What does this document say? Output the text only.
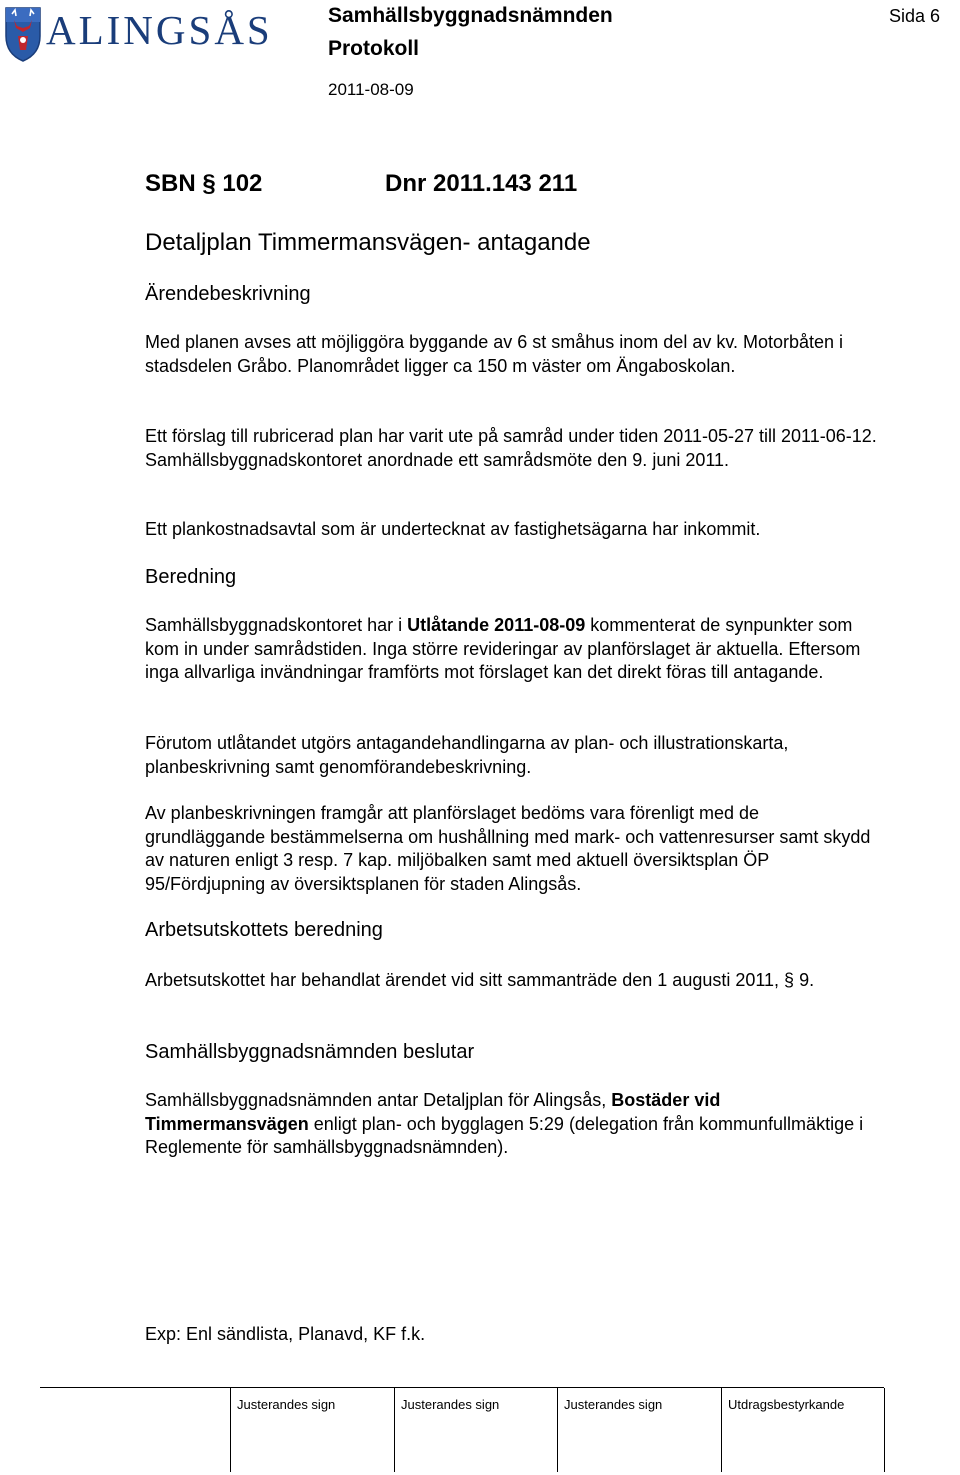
ALINGSÅS	Samhällsbyggnadsnämnden
Protokoll
2011-08-09
Sida 6
SBN § 102	Dnr 2011.143 211
Detaljplan Timmermansvägen- antagande
Ärendebeskrivning
Med planen avses att möjliggöra byggande av 6 st småhus inom del av kv. Motorbåten i stadsdelen Gråbo. Planområdet ligger ca 150 m väster om Ängaboskolan.
Ett förslag till rubricerad plan har varit ute på samråd under tiden 2011-05-27 till 2011-06-12. Samhällsbyggnadskontoret anordnade ett samrådsmöte den 9. juni 2011.
Ett plankostnadsavtal som är undertecknat av fastighetsägarna har inkommit.
Beredning
Samhällsbyggnadskontoret har i Utlåtande 2011-08-09 kommenterat de synpunkter som kom in under samrådstiden. Inga större revideringar av planförslaget är aktuella. Eftersom inga allvarliga invändningar framförts mot förslaget kan det direkt föras till antagande.
Förutom utlåtandet utgörs antagandehandlingarna av plan- och illustrationskarta, planbeskrivning samt genomförandebeskrivning.
Av planbeskrivningen framgår att planförslaget bedöms vara förenligt med de grundläggande bestämmelserna om hushållning med mark- och vattenresurser samt skydd av naturen enligt 3 resp. 7 kap. miljöbalken samt med aktuell översiktsplan ÖP 95/Fördjupning av översiktsplanen för staden Alingsås.
Arbetsutskottets beredning
Arbetsutskottet har behandlat ärendet vid sitt sammanträde den 1 augusti 2011, § 9.
Samhällsbyggnadsnämnden beslutar
Samhällsbyggnadsnämnden antar Detaljplan för Alingsås, Bostäder vid Timmermansvägen enligt plan- och bygglagen 5:29 (delegation från kommunfullmäktige i Reglemente för samhällsbyggnadsnämnden).
Exp: Enl sändlista, Planavd, KF f.k.
Justerandes sign	Justerandes sign	Justerandes sign	Utdragsbestyrkande
